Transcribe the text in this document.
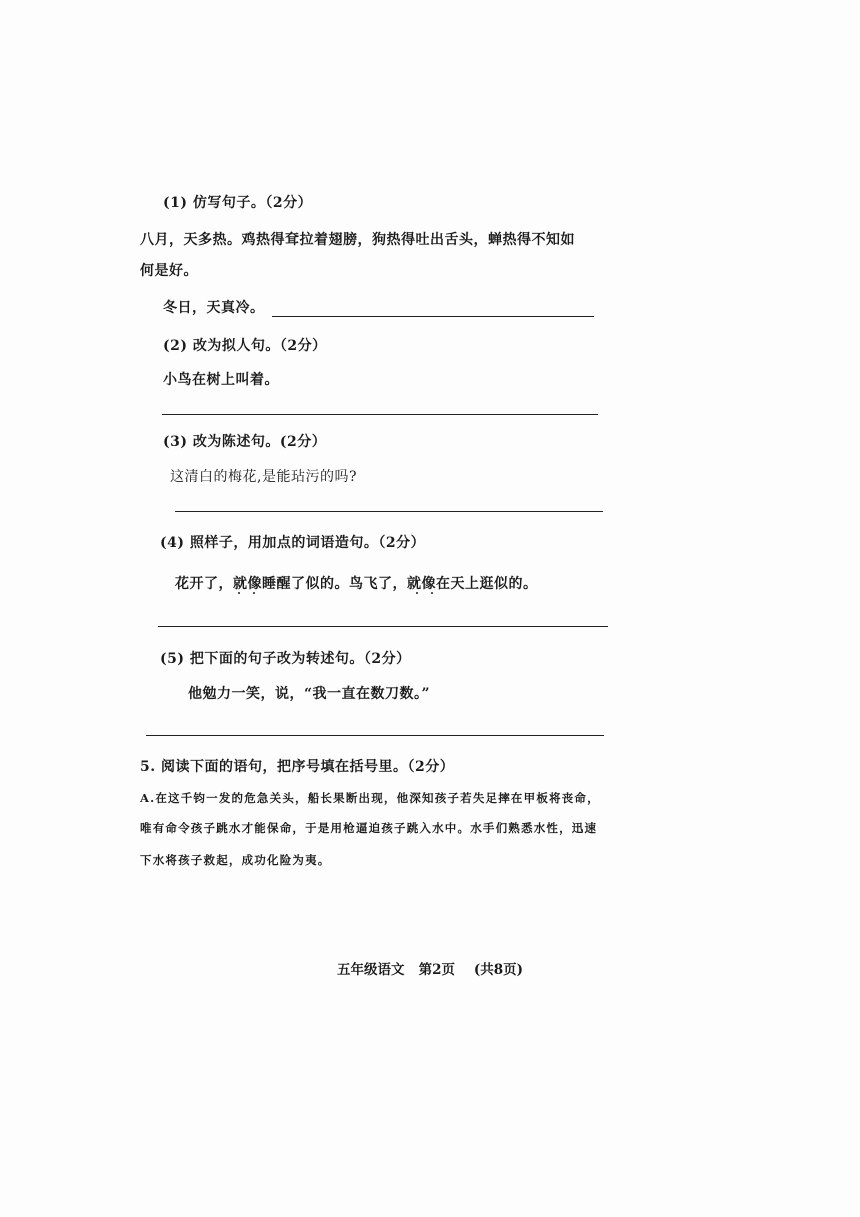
(1) 仿写句子。（2分）
八月，天多热。鸡热得耷拉着翅膀，狗热得吐出舌头，蝉热得不知如
何是好。
冬日，天真冷。
(2) 改为拟人句。（2分）
小鸟在树上叫着。
(3) 改为陈述句。(2分）
这清白的梅花,是能玷污的吗?
(4) 照样子，用加点的词语造句。（2分）
花开了，就像睡醒了似的。鸟飞了，就像在天上逛似的。
(5) 把下面的句子改为转述句。（2分）
他勉力一笑，说，“我一直在数刀数。”
5. 阅读下面的语句，把序号填在括号里。（2分）
A.在这千钧一发的危急关头，船长果断出现，他深知孩子若失足摔在甲板将丧命，
唯有命令孩子跳水才能保命，于是用枪逼迫孩子跳入水中。水手们熟悉水性，迅速
下水将孩子救起，成功化险为夷。
五年级语文 第2页 (共8页)
